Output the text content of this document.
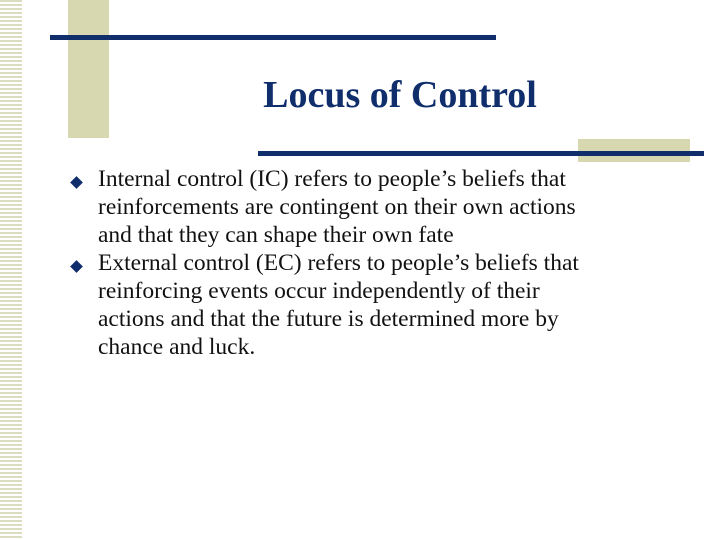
Locus of Control
Internal control (IC) refers to people’s beliefs that
reinforcements are contingent on their own actions
and that they can shape their own fate
External control (EC) refers to people’s beliefs that
reinforcing events occur independently of their
actions and that the future is determined more by
chance and luck.
